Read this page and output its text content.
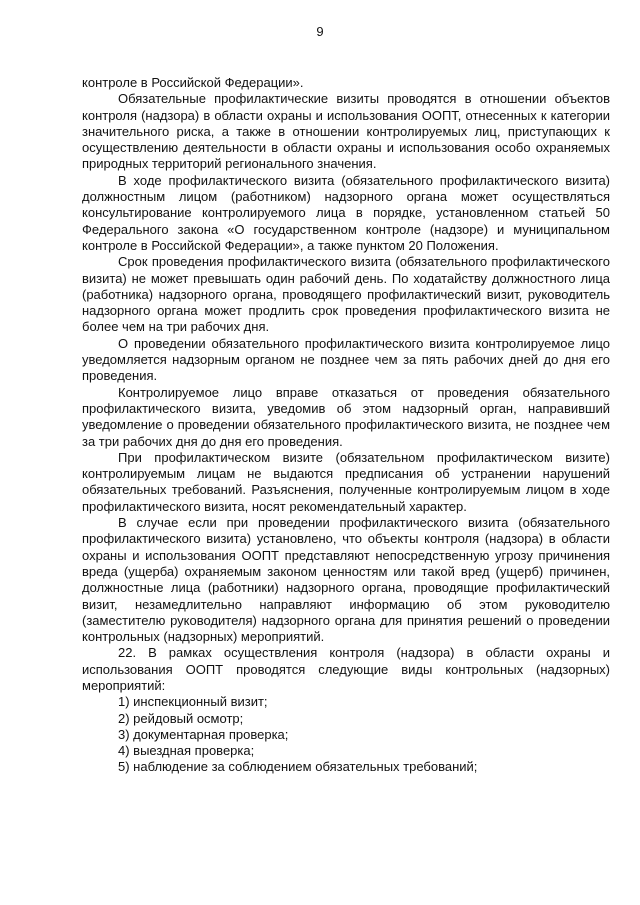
9

контроле в Российской Федерации».

Обязательные профилактические визиты проводятся в отношении объектов контроля (надзора) в области охраны и использования ООПТ, отнесенных к категории значительного риска, а также в отношении контролируемых лиц, приступающих к осуществлению деятельности в области охраны и использования особо охраняемых природных территорий регионального значения.

В ходе профилактического визита (обязательного профилактического визита) должностным лицом (работником) надзорного органа может осуществляться консультирование контролируемого лица в порядке, установленном статьей 50 Федерального закона «О государственном контроле (надзоре) и муниципальном контроле в Российской Федерации», а также пунктом 20 Положения.

Срок проведения профилактического визита (обязательного профилактического визита) не может превышать один рабочий день. По ходатайству должностного лица (работника) надзорного органа, проводящего профилактический визит, руководитель надзорного органа может продлить срок проведения профилактического визита не более чем на три рабочих дня.

О проведении обязательного профилактического визита контролируемое лицо уведомляется надзорным органом не позднее чем за пять рабочих дней до дня его проведения.

Контролируемое лицо вправе отказаться от проведения обязательного профилактического визита, уведомив об этом надзорный орган, направивший уведомление о проведении обязательного профилактического визита, не позднее чем за три рабочих дня до дня его проведения.

При профилактическом визите (обязательном профилактическом визите) контролируемым лицам не выдаются предписания об устранении нарушений обязательных требований. Разъяснения, полученные контролируемым лицом в ходе профилактического визита, носят рекомендательный характер.

В случае если при проведении профилактического визита (обязательного профилактического визита) установлено, что объекты контроля (надзора) в области охраны и использования ООПТ представляют непосредственную угрозу причинения вреда (ущерба) охраняемым законом ценностям или такой вред (ущерб) причинен, должностные лица (работники) надзорного органа, проводящие профилактический визит, незамедлительно направляют информацию об этом руководителю (заместителю руководителя) надзорного органа для принятия решений о проведении контрольных (надзорных) мероприятий.

22. В рамках осуществления контроля (надзора) в области охраны и использования ООПТ проводятся следующие виды контрольных (надзорных) мероприятий:

1) инспекционный визит;
2) рейдовый осмотр;
3) документарная проверка;
4) выездная проверка;
5) наблюдение за соблюдением обязательных требований;
